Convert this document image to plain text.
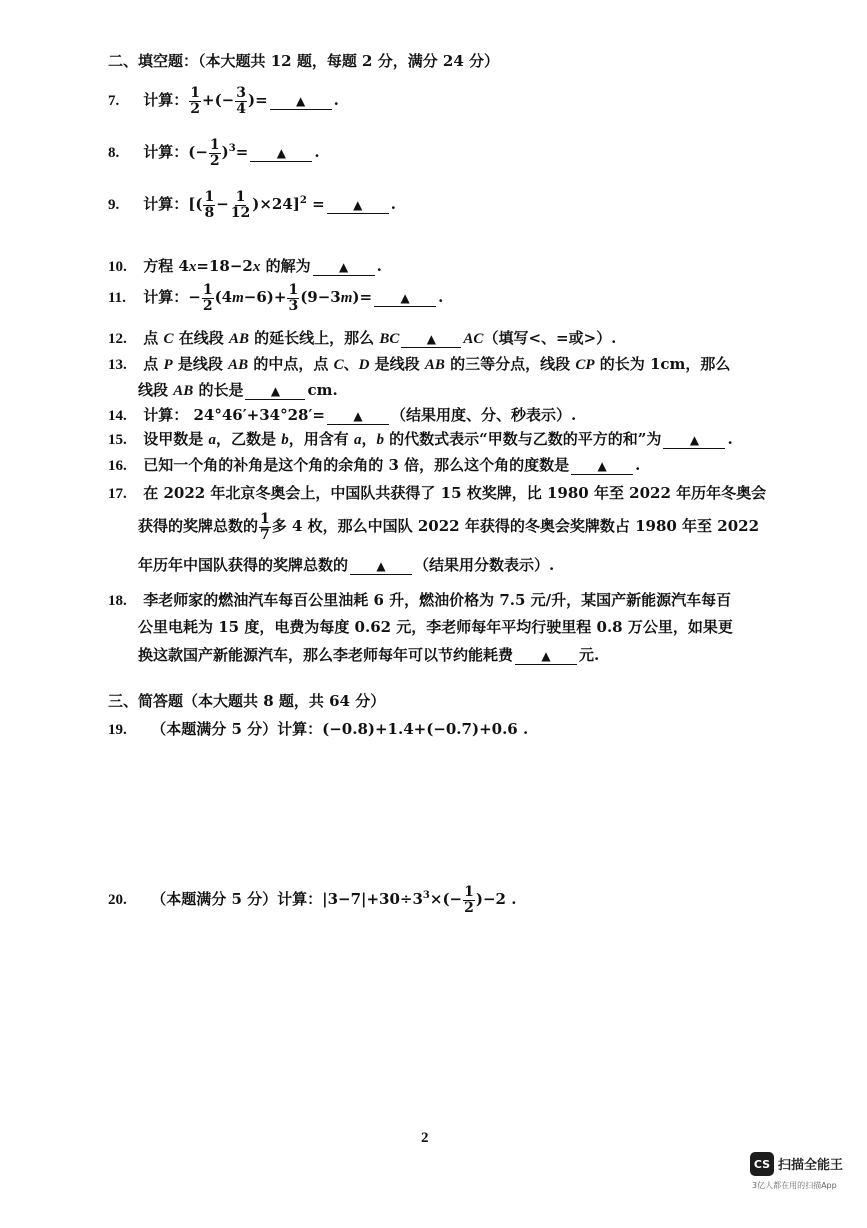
二、填空题：（本大题共 12 题，每题 2 分，满分 24 分）
7. 计算： $\frac{1}{2}$ +(− $\frac{3}{4}$ )= ▲ .
8. 计算：(− $\frac{1}{2} )^3=$ ▲ .
9. 计算：[( $\frac{1}{8} - \frac{1}{12} )\times 24]^2$ = ▲ .
10. 方程 4x=18−2x 的解为 ▲ .
11. 计算：− $\frac{1}{2} (4m-6)+ \frac{1}{3} (9-3m)=$ ▲ .
12. 点 C 在线段 AB 的延长线上，那么 BC ▲ AC（填写<、=或>）.
13. 点 P 是线段 AB 的中点，点 C、D 是线段 AB 的三等分点，线段 CP 的长为 1cm，那么
线段 AB 的长是 ▲ cm.
14. 计算： 24°46′+34°28′= ▲ （结果用度、分、秒表示）.
15. 设甲数是 a，乙数是 b，用含有 a，b 的代数式表示“甲数与乙数的平方的和”为 ▲ .
16. 已知一个角的补角是这个角的余角的 3 倍，那么这个角的度数是 ▲ .
17. 在 2022 年北京冬奥会上，中国队共获得了 15 枚奖牌，比 1980 年至 2022 年历年冬奥会
获得的奖牌总数的 $\frac{1}{7}$ 多 4 枚，那么中国队 2022 年获得的冬奥会奖牌数占 1980 年至 2022
年历年中国队获得的奖牌总数的 ▲ （结果用分数表示）.
18. 李老师家的燃油汽车每百公里油耗 6 升，燃油价格为 7.5 元/升，某国产新能源汽车每百
公里电耗为 15 度，电费为每度 0.62 元，李老师每年平均行驶里程 0.8 万公里，如果更
换这款国产新能源汽车，那么李老师每年可以节约能耗费 ▲ 元.
三、简答题（本大题共 8 题，共 64 分）
19. （本题满分 5 分）计算：(−0.8)+1.4+(−0.7)+0.6 .
20. （本题满分 5 分）计算：$|3-7|+30\div 3^3\times(- \frac{1}{2} )-2$ .
2
CS 扫描全能王
3亿人都在用的扫描App
